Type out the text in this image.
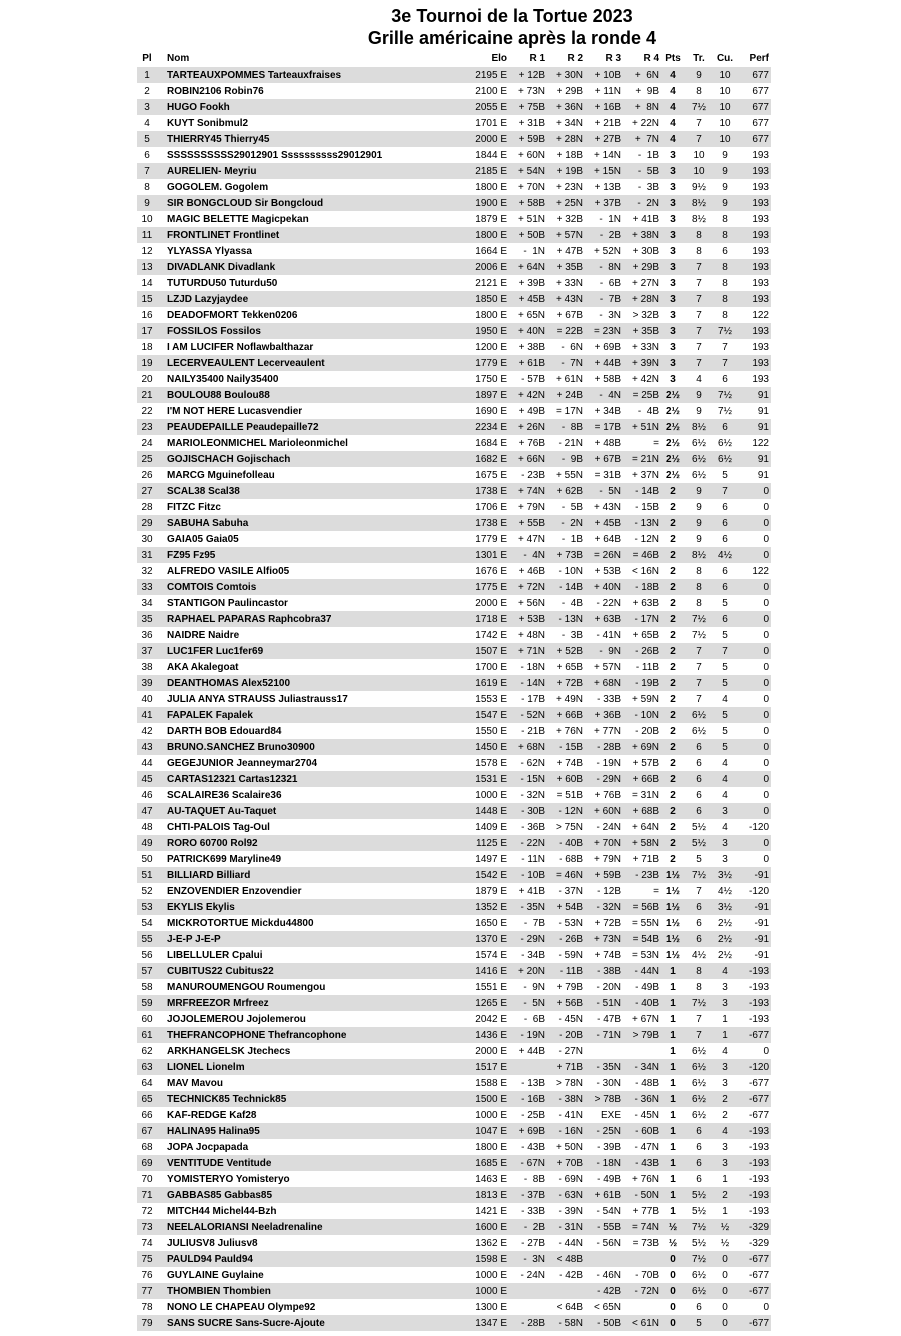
3e Tournoi de la Tortue 2023
Grille américaine après la ronde 4
Pl	Nom	Elo	R 1	R 2	R 3	R 4	Pts	Tr.	Cu.	Perf
1	TARTEAUXPOMMES Tarteauxfraises	2195 E	+ 12B	+ 30N	+ 10B	+  6N	4	9	10	677
2	ROBIN2106 Robin76	2100 E	+ 73N	+ 29B	+ 11N	+  9B	4	8	10	677
3	HUGO Fookh	2055 E	+ 75B	+ 36N	+ 16B	+  8N	4	7½	10	677
4	KUYT Sonibmul2	1701 E	+ 31B	+ 34N	+ 21B	+ 22N	4	7	10	677
5	THIERRY45 Thierry45	2000 E	+ 59B	+ 28N	+ 27B	+  7N	4	7	10	677
6	SSSSSSSSSS29012901 Ssssssssss29012901	1844 E	+ 60N	+ 18B	+ 14N	-  1B	3	10	9	193
7	AURELIEN- Meyriu	2185 E	+ 54N	+ 19B	+ 15N	-  5B	3	10	9	193
8	GOGOLEM. Gogolem	1800 E	+ 70N	+ 23N	+ 13B	-  3B	3	9½	9	193
9	SIR BONGCLOUD Sir Bongcloud	1900 E	+ 58B	+ 25N	+ 37B	-  2N	3	8½	9	193
10	MAGIC BELETTE Magicpekan	1879 E	+ 51N	+ 32B	-  1N	+ 41B	3	8½	8	193
11	FRONTLINET Frontlinet	1800 E	+ 50B	+ 57N	-  2B	+ 38N	3	8	8	193
12	YLYASSA Ylyassa	1664 E	-  1N	+ 47B	+ 52N	+ 30B	3	8	6	193
13	DIVADLANK Divadlank	2006 E	+ 64N	+ 35B	-  8N	+ 29B	3	7	8	193
14	TUTURDU50 Tuturdu50	2121 E	+ 39B	+ 33N	-  6B	+ 27N	3	7	8	193
15	LZJD Lazyjaydee	1850 E	+ 45B	+ 43N	-  7B	+ 28N	3	7	8	193
16	DEADOFMORT Tekken0206	1800 E	+ 65N	+ 67B	-  3N	> 32B	3	7	8	122
17	FOSSILOS Fossilos	1950 E	+ 40N	= 22B	= 23N	+ 35B	3	7	7½	193
18	I AM LUCIFER Noflawbalthazar	1200 E	+ 38B	-  6N	+ 69B	+ 33N	3	7	7	193
19	LECERVEAULENT Lecerveaulent	1779 E	+ 61B	-  7N	+ 44B	+ 39N	3	7	7	193
20	NAILY35400 Naily35400	1750 E	- 57B	+ 61N	+ 58B	+ 42N	3	4	6	193
21	BOULOU88 Boulou88	1897 E	+ 42N	+ 24B	-  4N	= 25B	2½	9	7½	91
22	I'M NOT HERE Lucasvendier	1690 E	+ 49B	= 17N	+ 34B	-  4B	2½	9	7½	91
23	PEAUDEPAILLE Peaudepaille72	2234 E	+ 26N	-  8B	= 17B	+ 51N	2½	8½	6	91
24	MARIOLEONMICHEL Marioleonmichel	1684 E	+ 76B	- 21N	+ 48B	=	2½	6½	6½	122
25	GOJISCHACH Gojischach	1682 E	+ 66N	-  9B	+ 67B	= 21N	2½	6½	6½	91
26	MARCG Mguinefolleau	1675 E	- 23B	+ 55N	= 31B	+ 37N	2½	6½	5	91
27	SCAL38 Scal38	1738 E	+ 74N	+ 62B	-  5N	- 14B	2	9	7	0
28	FITZC Fitzc	1706 E	+ 79N	-  5B	+ 43N	- 15B	2	9	6	0
29	SABUHA Sabuha	1738 E	+ 55B	-  2N	+ 45B	- 13N	2	9	6	0
30	GAIA05 Gaia05	1779 E	+ 47N	-  1B	+ 64B	- 12N	2	9	6	0
31	FZ95 Fz95	1301 E	-  4N	+ 73B	= 26N	= 46B	2	8½	4½	0
32	ALFREDO VASILE Alfio05	1676 E	+ 46B	- 10N	+ 53B	< 16N	2	8	6	122
33	COMTOIS Comtois	1775 E	+ 72N	- 14B	+ 40N	- 18B	2	8	6	0
34	STANTIGON Paulincastor	2000 E	+ 56N	-  4B	- 22N	+ 63B	2	8	5	0
35	RAPHAEL PAPARAS Raphcobra37	1718 E	+ 53B	- 13N	+ 63B	- 17N	2	7½	6	0
36	NAIDRE Naidre	1742 E	+ 48N	-  3B	- 41N	+ 65B	2	7½	5	0
37	LUC1FER Luc1fer69	1507 E	+ 71N	+ 52B	-  9N	- 26B	2	7	7	0
38	AKA Akalegoat	1700 E	- 18N	+ 65B	+ 57N	- 11B	2	7	5	0
39	DEANTHOMAS Alex52100	1619 E	- 14N	+ 72B	+ 68N	- 19B	2	7	5	0
40	JULIA ANYA STRAUSS Juliastrauss17	1553 E	- 17B	+ 49N	- 33B	+ 59N	2	7	4	0
41	FAPALEK Fapalek	1547 E	- 52N	+ 66B	+ 36B	- 10N	2	6½	5	0
42	DARTH BOB Edouard84	1550 E	- 21B	+ 76N	+ 77N	- 20B	2	6½	5	0
43	BRUNO.SANCHEZ Bruno30900	1450 E	+ 68N	- 15B	- 28B	+ 69N	2	6	5	0
44	GEGEJUNIOR Jeanneymar2704	1578 E	- 62N	+ 74B	- 19N	+ 57B	2	6	4	0
45	CARTAS12321 Cartas12321	1531 E	- 15N	+ 60B	- 29N	+ 66B	2	6	4	0
46	SCALAIRE36 Scalaire36	1000 E	- 32N	= 51B	+ 76B	= 31N	2	6	4	0
47	AU-TAQUET Au-Taquet	1448 E	- 30B	- 12N	+ 60N	+ 68B	2	6	3	0
48	CHTI-PALOIS Tag-Oul	1409 E	- 36B	> 75N	- 24N	+ 64N	2	5½	4	-120
49	RORO 60700 Rol92	1125 E	- 22N	- 40B	+ 70N	+ 58N	2	5½	3	0
50	PATRICK699 Maryline49	1497 E	- 11N	- 68B	+ 79N	+ 71B	2	5	3	0
51	BILLIARD Billiard	1542 E	- 10B	= 46N	+ 59B	- 23B	1½	7½	3½	-91
52	ENZOVENDIER Enzovendier	1879 E	+ 41B	- 37N	- 12B	=	1½	7	4½	-120
53	EKYLIS Ekylis	1352 E	- 35N	+ 54B	- 32N	= 56B	1½	6	3½	-91
54	MICKROTORTUE Mickdu44800	1650 E	-  7B	- 53N	+ 72B	= 55N	1½	6	2½	-91
55	J-E-P J-E-P	1370 E	- 29N	- 26B	+ 73N	= 54B	1½	6	2½	-91
56	LIBELLULER Cpalui	1574 E	- 34B	- 59N	+ 74B	= 53N	1½	4½	2½	-91
57	CUBITUS22 Cubitus22	1416 E	+ 20N	- 11B	- 38B	- 44N	1	8	4	-193
58	MANUROUMENGOU Roumengou	1551 E	-  9N	+ 79B	- 20N	- 49B	1	8	3	-193
59	MRFREEZOR Mrfreez	1265 E	-  5N	+ 56B	- 51N	- 40B	1	7½	3	-193
60	JOJOLEMEROU Jojolemerou	2042 E	-  6B	- 45N	- 47B	+ 67N	1	7	1	-193
61	THEFRANCOPHONE Thefrancophone	1436 E	- 19N	- 20B	- 71N	> 79B	1	7	1	-677
62	ARKHANGELSK Jtechecs	2000 E	+ 44B	- 27N			1	6½	4	0
63	LIONEL Lionelm	1517 E		+ 71B	- 35N	- 34N	1	6½	3	-120
64	MAV Mavou	1588 E	- 13B	> 78N	- 30N	- 48B	1	6½	3	-677
65	TECHNICK85 Technick85	1500 E	- 16B	- 38N	> 78B	- 36N	1	6½	2	-677
66	KAF-REDGE Kaf28	1000 E	- 25B	- 41N	EXE	- 45N	1	6½	2	-677
67	HALINA95 Halina95	1047 E	+ 69B	- 16N	- 25N	- 60B	1	6	4	-193
68	JOPA Jocpapada	1800 E	- 43B	+ 50N	- 39B	- 47N	1	6	3	-193
69	VENTITUDE Ventitude	1685 E	- 67N	+ 70B	- 18N	- 43B	1	6	3	-193
70	YOMISTERYO Yomisteryo	1463 E	-  8B	- 69N	- 49B	+ 76N	1	6	1	-193
71	GABBAS85 Gabbas85	1813 E	- 37B	- 63N	+ 61B	- 50N	1	5½	2	-193
72	MITCH44 Michel44-Bzh	1421 E	- 33B	- 39N	- 54N	+ 77B	1	5½	1	-193
73	NEELALORIANSI Neeladrenaline	1600 E	-  2B	- 31N	- 55B	= 74N	½	7½	½	-329
74	JULIUSV8 Juliusv8	1362 E	- 27B	- 44N	- 56N	= 73B	½	5½	½	-329
75	PAULD94 Pauld94	1598 E	-  3N	< 48B			0	7½	0	-677
76	GUYLAINE Guylaine	1000 E	- 24N	- 42B	- 46N	- 70B	0	6½	0	-677
77	THOMBIEN Thombien	1000 E			- 42B	- 72N	0	6½	0	-677
78	NONO LE CHAPEAU Olympe92	1300 E		< 64B	< 65N		0	6	0	0
79	SANS SUCRE Sans-Sucre-Ajoute	1347 E	- 28B	- 58N	- 50B	< 61N	0	5	0	-677
